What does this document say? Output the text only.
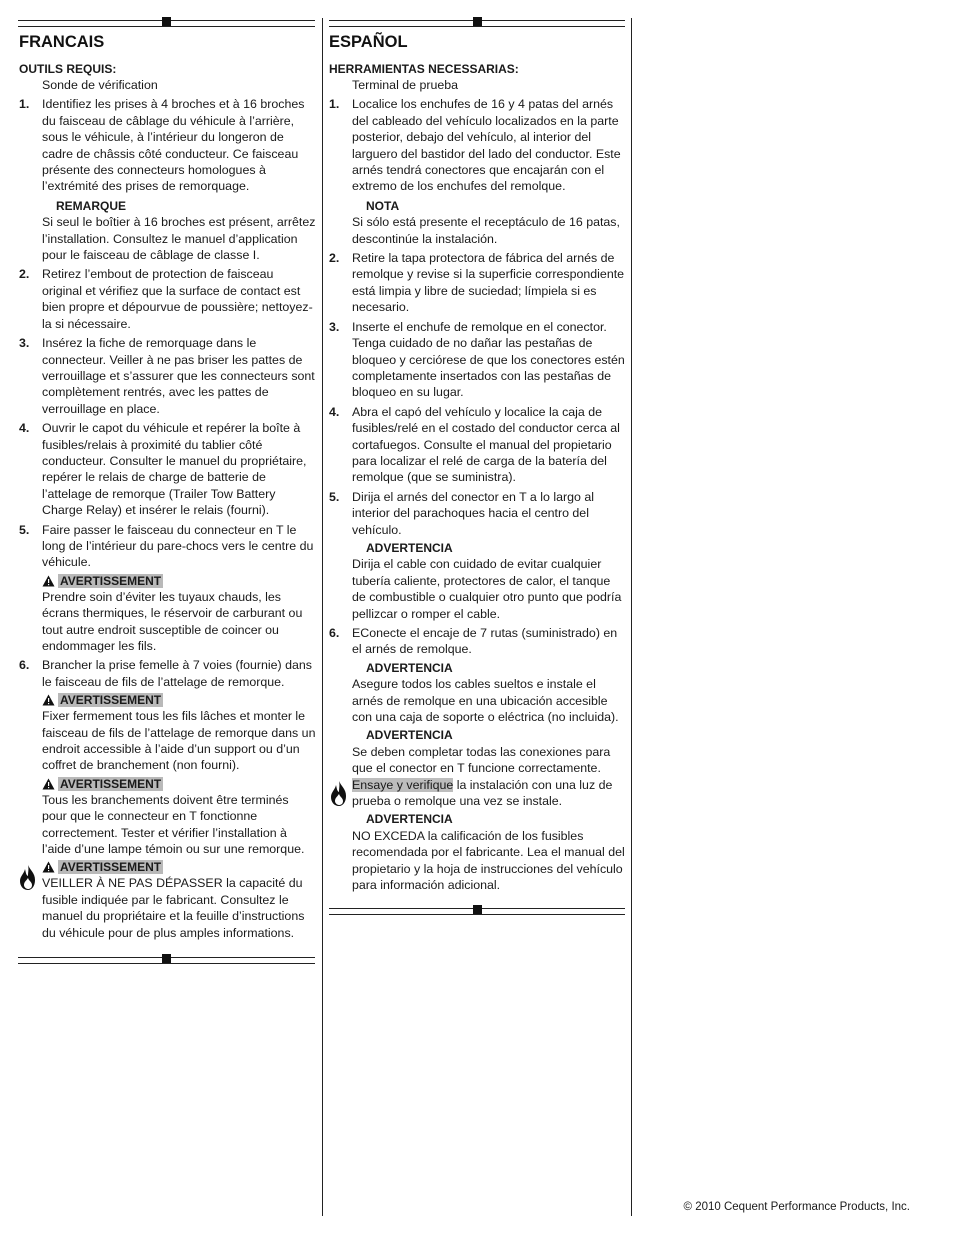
FRANCAIS
OUTILS REQUIS:
Sonde de vérification
1.	Identifiez les prises à 4 broches et à 16 broches du faisceau de câblage du véhicule à l’arrière, sous le véhicule, à l’intérieur du longeron de cadre de châssis côté conducteur. Ce faisceau présente des connecteurs homologues à l’extrémité des prises de remorquage.
REMARQUE
Si seul le boîtier à 16 broches est présent, arrêtez l’installation. Consultez le manuel d’application pour le faisceau de câblage de classe I.
2.	Retirez l’embout de protection de faisceau original et vérifiez que la surface de contact est bien propre et dépourvue de poussière; nettoyez-la si nécessaire.
3.	Insérez la fiche de remorquage dans le connecteur. Veiller à ne pas briser les pattes de verrouillage et s’assurer que les connecteurs sont complètement rentrés, avec les pattes de verrouillage en place.
4.	Ouvrir le capot du véhicule et repérer la boîte à fusibles/relais à proximité du tablier côté conducteur. Consulter le manuel du propriétaire, repérer le relais de charge de batterie de l’attelage de remorque (Trailer Tow Battery Charge Relay) et insérer le relais (fourni).
5.	Faire passer le faisceau du connecteur en T le long de l’intérieur du pare-chocs vers le centre du véhicule.
AVERTISSEMENT
Prendre soin d’éviter les tuyaux chauds, les écrans thermiques, le réservoir de carburant ou tout autre endroit susceptible de coincer ou endommager les fils.
6.	Brancher la prise femelle à 7 voies (fournie) dans le faisceau de fils de l’attelage de remorque.
AVERTISSEMENT
Fixer fermement tous les fils lâches et monter le faisceau de fils de l’attelage de remorque dans un endroit accessible à l’aide d’un support ou d’un coffret de branchement (non fourni).
AVERTISSEMENT
Tous les branchements doivent être terminés pour que le connecteur en T fonctionne correctement. Tester et vérifier l’installation à l’aide d’une lampe témoin ou sur une remorque.
AVERTISSEMENT
VEILLER À NE PAS DÉPASSER la capacité du fusible indiquée par le fabricant. Consultez le manuel du propriétaire et la feuille d’instructions du véhicule pour de plus amples informations.
ESPAÑOL
HERRAMIENTAS NECESSARIAS:
Terminal de prueba
1.	Localice los enchufes de 16 y 4 patas del arnés del cableado del vehículo localizados en la parte posterior, debajo del vehículo, al interior del larguero del bastidor del lado del conductor. Este arnés tendrá conectores que encajarán con el extremo de los enchufes del remolque.
NOTA
Si sólo está presente el receptáculo de 16 patas, descontinúe la instalación.
2.	Retire la tapa protectora de fábrica del arnés de remolque y revise si la superficie correspondiente está limpia y libre de suciedad; límpiela si es necesario.
3.	Inserte el enchufe de remolque en el conector. Tenga cuidado de no dañar las pestañas de bloqueo y cerciórese de que los conectores estén completamente insertados con las pestañas de bloqueo en su lugar.
4.	Abra el capó del vehículo y localice la caja de fusibles/relé en el costado del conductor cerca al cortafuegos. Consulte el manual del propietario para localizar el relé de carga de la batería del remolque (que se suministra).
5.	Dirija el arnés del conector en T a lo largo al interior del parachoques hacia el centro del vehículo.
ADVERTENCIA
Dirija el cable con cuidado de evitar cualquier tubería caliente, protectores de calor, el tanque de combustible o cualquier otro punto que podría pellizcar o romper el cable.
6.	EConecte el encaje de 7 rutas (suministrado) en el arnés de remolque.
ADVERTENCIA
Asegure todos los cables sueltos e instale el arnés de remolque en una ubicación accesible con una caja de soporte o eléctrica (no incluida).
ADVERTENCIA
Se deben completar todas las conexiones para que el conector en T funcione correctamente.
Ensaye y verifique la instalación con una luz de prueba o remolque una vez se instale.
ADVERTENCIA
NO EXCEDA la calificación de los fusibles recomendada por el fabricante. Lea el manual del propietario y la hoja de instrucciones del vehículo para información adicional.
© 2010 Cequent Performance Products, Inc.
